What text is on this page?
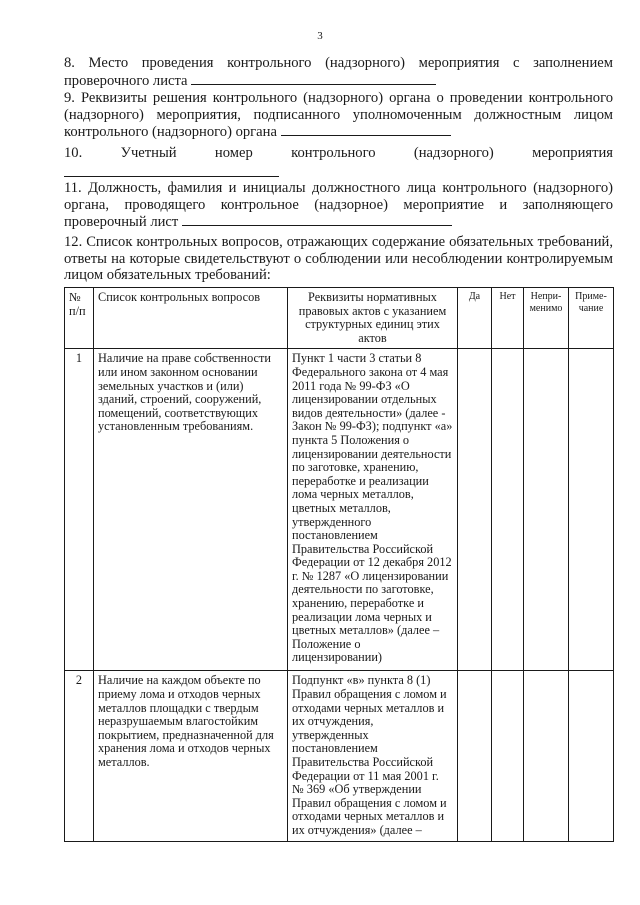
3
8. Место проведения контрольного (надзорного) мероприятия с заполнением проверочного листа
9. Реквизиты решения контрольного (надзорного) органа о проведении контрольного (надзорного) мероприятия, подписанного уполномоченным должностным лицом контрольного (надзорного) органа
10.	Учетный	номер	контрольного	(надзорного)	мероприятия
11. Должность, фамилия и инициалы должностного лица контрольного (надзорного) органа, проводящего контрольное (надзорное) мероприятие и заполняющего проверочный лист
12. Список контрольных вопросов, отражающих содержание обязательных требований, ответы на которые свидетельствуют о соблюдении или несоблюдении контролируемым лицом обязательных требований:
№ п/п	Список контрольных вопросов	Реквизиты нормативных правовых актов с указанием структурных единиц этих актов	Да	Нет	Непри-менимо	Приме-чание
1	Наличие на праве собственности или ином законном основании земельных участков и (или) зданий, строений, сооружений, помещений, соответствующих установленным требованиям.	Пункт 1 части 3 статьи 8 Федерального закона от 4 мая 2011 года № 99-ФЗ «О лицензировании отдельных видов деятельности» (далее - Закон № 99-ФЗ); подпункт «а» пункта 5 Положения о лицензировании деятельности по заготовке, хранению, переработке и реализации лома черных металлов, цветных металлов, утвержденного постановлением Правительства Российской Федерации от 12 декабря 2012 г. № 1287 «О лицензировании деятельности по заготовке, хранению, переработке и реализации лома черных и цветных металлов» (далее – Положение о лицензировании)				
2	Наличие на каждом объекте по приему лома и отходов черных металлов площадки с твердым неразрушаемым влагостойким покрытием, предназначенной для хранения лома и отходов черных металлов.	Подпункт «в» пункта 8 (1) Правил обращения с ломом и отходами черных металлов и их отчуждения, утвержденных постановлением Правительства Российской Федерации от 11 мая 2001 г. № 369 «Об утверждении Правил обращения с ломом и отходами черных металлов и их отчуждения» (далее –				
